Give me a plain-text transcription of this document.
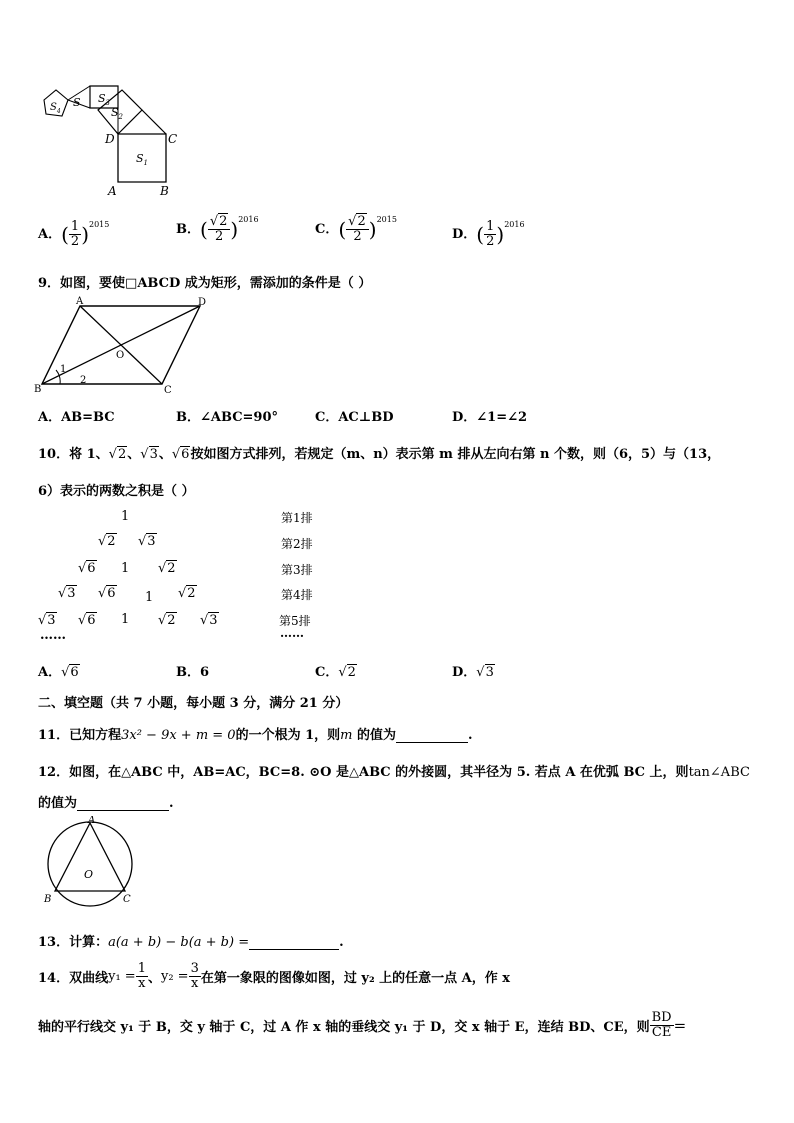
S $S_3$
$S_2$
$S_4$
$S_1$
D	C
A	B
A．( $\frac{1}{2} )^{2015}$	B．( $\frac{√2}{2} )^{2016}$
C．( $\frac{√2}{2} )^{2015}$
D．( $\frac{1}{2} )^{2016}$
9．如图，要使□ABCD 成为矩形，需添加的条件是（ ）
A	D
B	C
O
1
2
A．AB=BC	B．∠ABC=90°	C．AC⊥BD	D．∠1=∠2
10．将 1、√2、√3、√6按如图方式排列，若规定（m、n）表示第 m 排从左向右第 n 个数，则（6，5）与（13，
6）表示的两数之积是（ ）
1
√2 √3
√6 1 √2
√3 √6 1 √2
√3 √6 1 √2 √3
……
第1排
第2排
第3排
第4排
第5排
……
A．√6	B．6	C．√2	D．√3
二、填空题（共 7 小题，每小题 3 分，满分 21 分）
11．已知方程3x² − 9x + m = 0的一个根为 1，则m 的值为	.
12．如图，在△ABC 中，AB=AC，BC=8. ⊙O 是△ABC 的外接圆，其半径为 5. 若点 A 在优弧 BC 上，则tan∠ABC
的值为	.
A
B	C
O
13．计算：a(a + b) − b(a + b) =	.
14．双曲线$y_1 = \frac{1}{x}$ 、$y_2 = \frac{3}{x}$ 在第一象限的图像如图，过 y₂ 上的任意一点 A，作 x
轴的平行线交 y₁ 于 B，交 y 轴于 C，过 A 作 x 轴的垂线交 y₁ 于 D，交 x 轴于 E，连结 BD、CE，则 $\frac{BD}{CE}$ =
